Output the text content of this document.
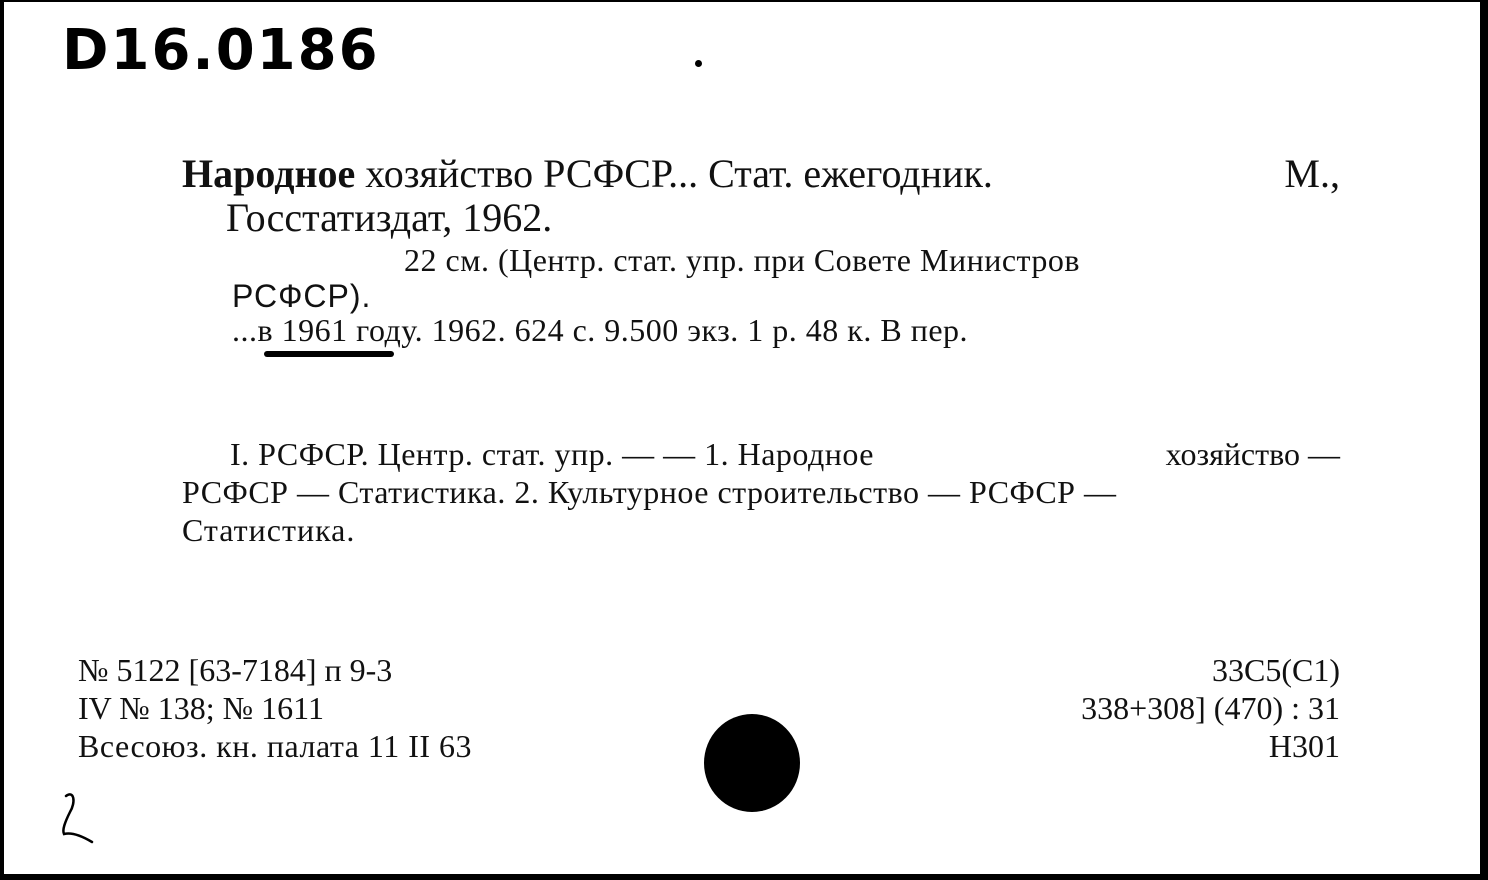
D16.0186
Народное хозяйство РСФСР... Стат. ежегодник.	М.,
Госстатиздат, 1962.
22 см. (Центр. стат. упр. при Совете Министров
РСФСР).
...в 1961 году. 1962. 624 с. 9.500 экз. 1 р. 48 к. В пер.
I. РСФСР. Центр. стат. упр. — — 1. Народное	хозяйство —
РСФСР — Статистика. 2. Культурное строительство — РСФСР —
Статистика.
№ 5122 [63-7184] п 9-3
IV № 138; № 1611
Всесоюз. кн. палата 11 II 63
33С5(С1)
338+308] (470) : 31
Н301
